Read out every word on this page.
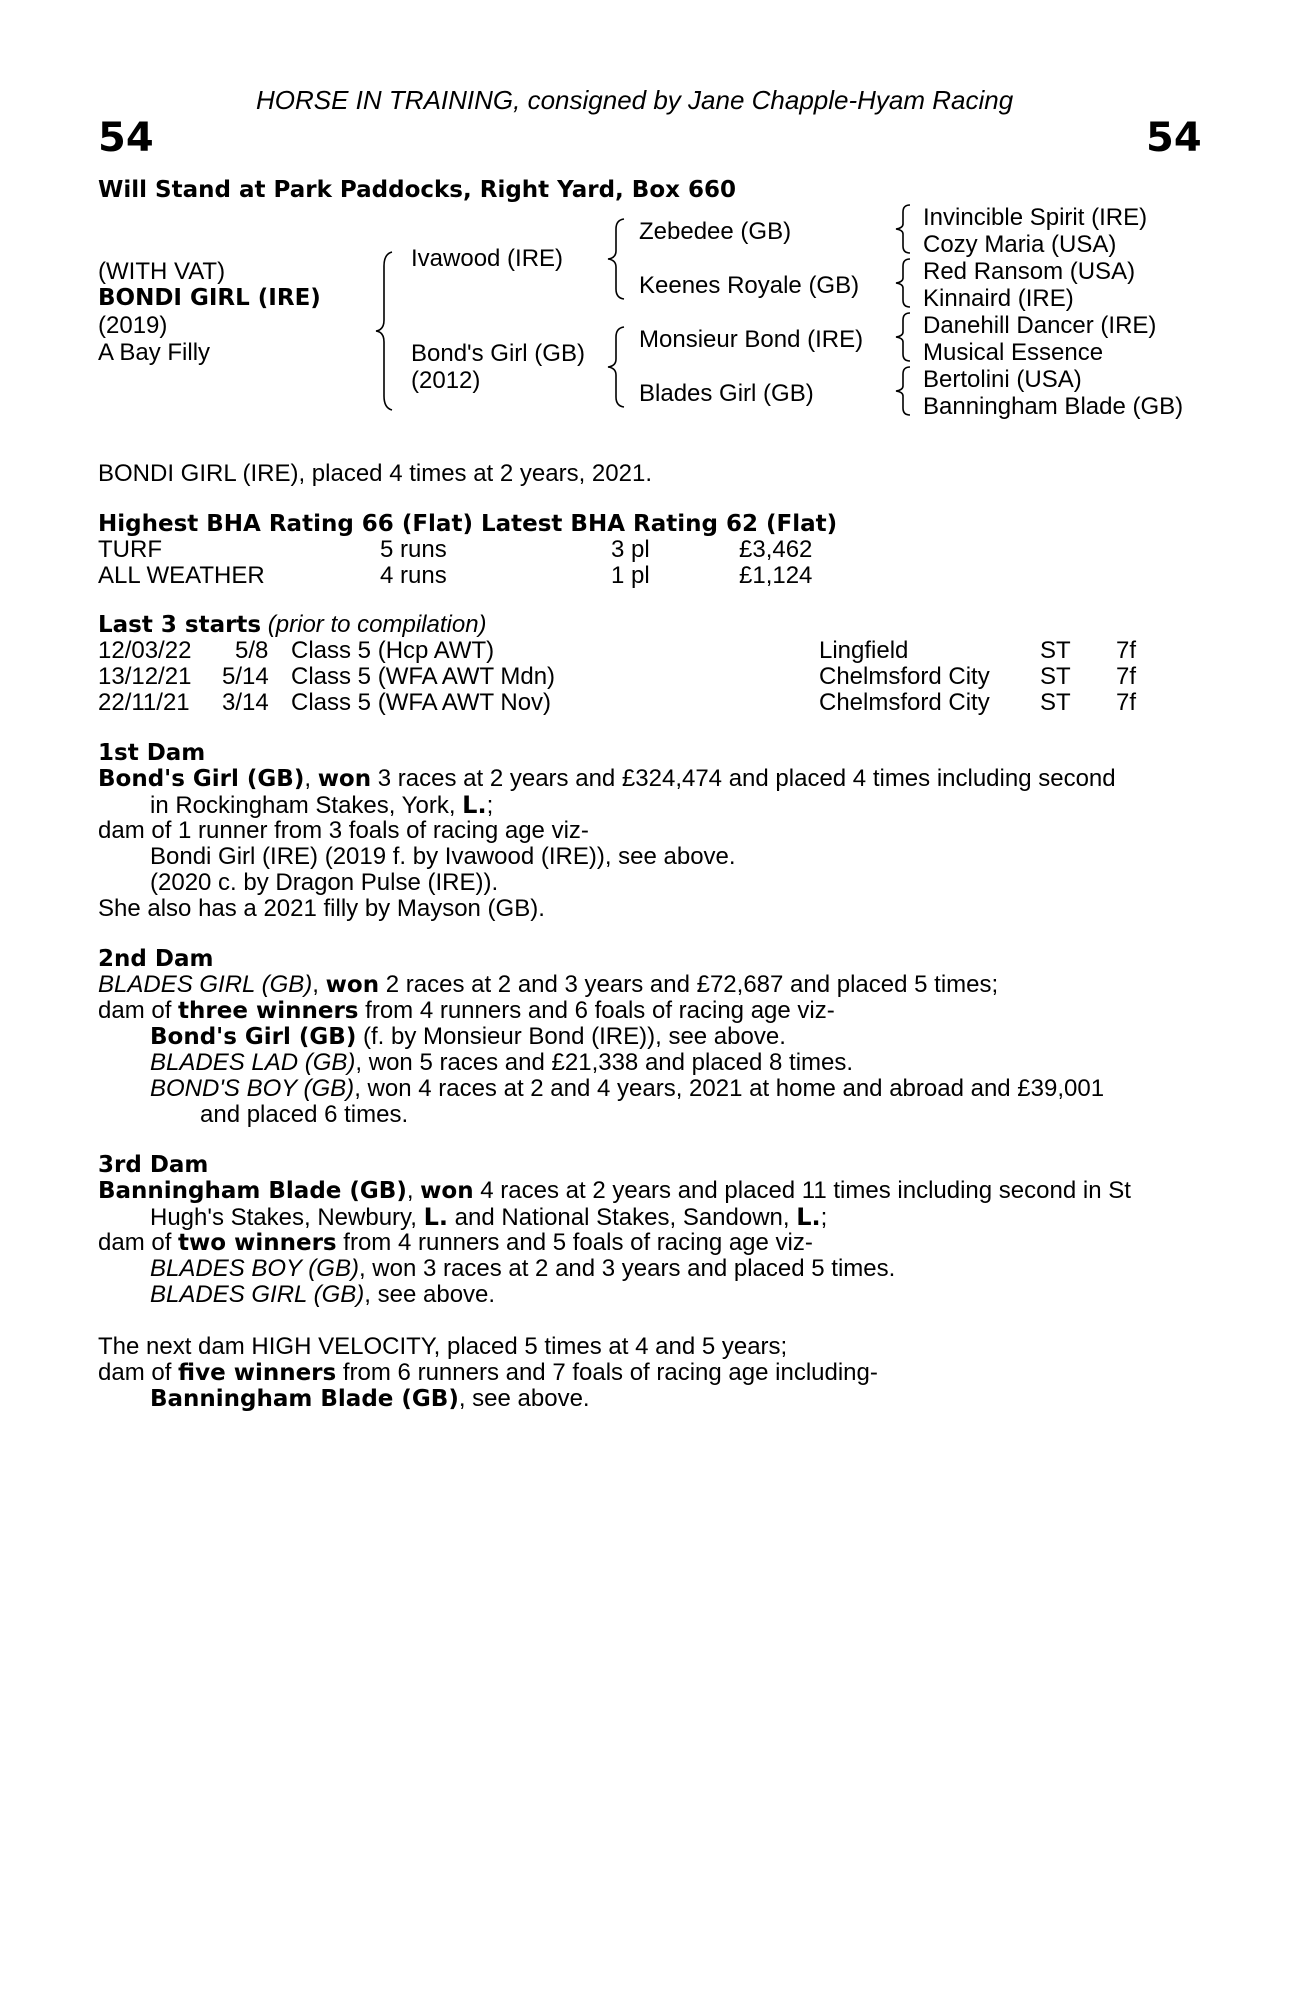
HORSE IN TRAINING, consigned by Jane Chapple-Hyam Racing
54	54
Will Stand at Park Paddocks, Right Yard, Box 660
(WITH VAT)
BONDI GIRL (IRE)
(2019)
A Bay Filly
Ivawood (IRE)
Bond's Girl (GB)
(2012)
Zebedee (GB)
Keenes Royale (GB)
Monsieur Bond (IRE)
Blades Girl (GB)
Invincible Spirit (IRE)
Cozy Maria (USA)
Red Ransom (USA)
Kinnaird (IRE)
Danehill Dancer (IRE)
Musical Essence
Bertolini (USA)
Banningham Blade (GB)
BONDI GIRL (IRE), placed 4 times at 2 years, 2021.
Highest BHA Rating 66 (Flat) Latest BHA Rating 62 (Flat)
TURF	5 runs	3 pl	£3,462
ALL WEATHER	4 runs	1 pl	£1,124
Last 3 starts (prior to compilation)
12/03/22 5/8 Class 5 (Hcp AWT)	Lingfield	ST 7f
13/12/21 5/14 Class 5 (WFA AWT Mdn)	Chelmsford City ST 7f
22/11/21 3/14 Class 5 (WFA AWT Nov)	Chelmsford City ST 7f
1st Dam
Bond's Girl (GB), won 3 races at 2 years and £324,474 and placed 4 times including second
in Rockingham Stakes, York, L.;
dam of 1 runner from 3 foals of racing age viz-
Bondi Girl (IRE) (2019 f. by Ivawood (IRE)), see above.
(2020 c. by Dragon Pulse (IRE)).
She also has a 2021 filly by Mayson (GB).
2nd Dam
BLADES GIRL (GB), won 2 races at 2 and 3 years and £72,687 and placed 5 times;
dam of three winners from 4 runners and 6 foals of racing age viz-
Bond's Girl (GB) (f. by Monsieur Bond (IRE)), see above.
BLADES LAD (GB), won 5 races and £21,338 and placed 8 times.
BOND'S BOY (GB), won 4 races at 2 and 4 years, 2021 at home and abroad and £39,001
and placed 6 times.
3rd Dam
Banningham Blade (GB), won 4 races at 2 years and placed 11 times including second in St
Hugh's Stakes, Newbury, L. and National Stakes, Sandown, L.;
dam of two winners from 4 runners and 5 foals of racing age viz-
BLADES BOY (GB), won 3 races at 2 and 3 years and placed 5 times.
BLADES GIRL (GB), see above.
The next dam HIGH VELOCITY, placed 5 times at 4 and 5 years;
dam of five winners from 6 runners and 7 foals of racing age including-
Banningham Blade (GB), see above.
